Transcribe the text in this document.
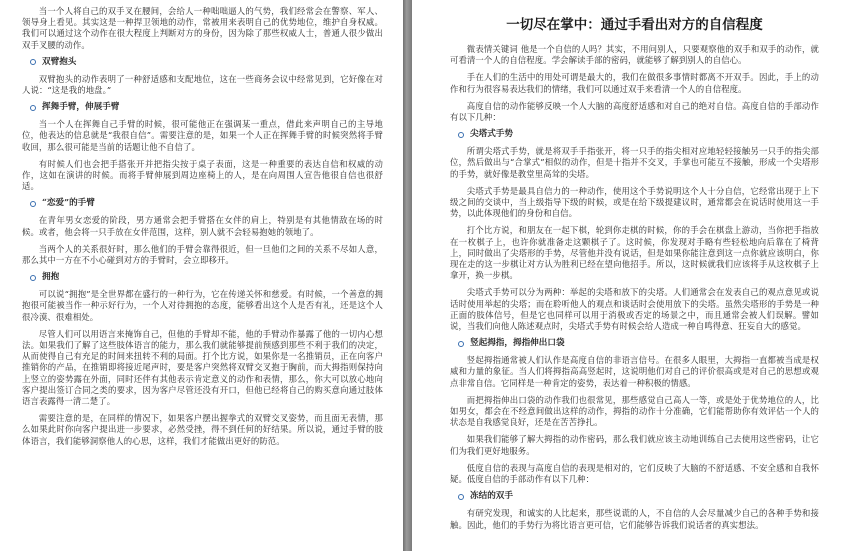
当一个人将自己的双手叉在腰间，会给人一种咄咄逼人的气势，我们经常会在警察、军人、领导身上看见。其实这是一种捍卫领地的动作，常被用来表明自己的优势地位，维护自身权威。我们可以通过这个动作在很大程度上判断对方的身份，因为除了那些权威人士，普通人很少做出双手叉腰的动作。

双臂抱头

双臂抱头的动作表明了一种舒适感和支配地位，这在一些商务会议中经常见到，它好像在对人说：“这是我的地盘。”

挥舞手臂，伸展手臂

当一个人在挥舞自己手臂的时候，很可能他正在强调某一重点，借此来声明自己的主导地位，他表达的信息就是“我很自信”。需要注意的是，如果一个人正在挥舞手臂的时候突然将手臂收回，那么很可能是当前的话题让他不自信了。

有时候人们也会把手搭张开并把指尖按于桌子表面，这是一种重要的表达自信和权威的动作，这如在演讲的时候。而将手臂伸展到周边座椅上的人，是在向周围人宣告他很自信也很舒适。

“恋爱”的手臂

在青年男女恋爱的阶段，男方通常会把手臂搭在女伴的肩上，特别是有其他情敌在场的时候。或者，他会将一只手放在女伴范围，这样，别人就不会轻易抱她的领地了。

当两个人的关系很好时，那么他们的手臂会靠得很近，但一旦他们之间的关系不尽如人意，那么其中一方在不小心碰到对方的手臂时，会立即移开。

拥抱

可以说“拥抱”是全世界都在盛行的一种行为，它在传递关怀和慈爱。有时候，一个善意的拥抱很可能被当作一种示好行为，一个人对待拥抱的态度，能够看出这个人是否有礼，还是这个人很冷漠、很难相处。

尽管人们可以用语言来掩饰自己，但他的手臂却不能，他的手臂动作暴露了他的一切内心想法。如果我们了解了这些肢体语言的能力，那么我们就能够提前预感到那些不利于我们的决定，从而使得自己有充足的时间来扭转不利的局面。打个比方说，如果你是一名推销员，正在向客户推销你的产品，在推销即将接近尾声时，要是客户突然将双臂交叉抱于胸前，而大拇指则保持向上竖立的姿势露在外面，同时还伴有其他表示肯定意义的动作和表情，那么，你大可以放心地向客户提出签订合同之类的要求，因为客户尽管还没有开口，但他已经将自己的购买意向通过肢体语言表露得一清二楚了。

需要注意的是，在同样的情况下，如果客户摆出握拳式的双臂交叉姿势，而且面无表情，那么如果此时你向客户提出进一步要求，必然受挫，得不到任何的好结果。所以说，通过手臂的肢体语言，我们能够洞察他人的心思，这样，我们才能做出更好的防范。

一切尽在掌中：通过手看出对方的自信程度

微表情关键词 他是一个自信的人吗？其实，不用问别人，只要观察他的双手和双手的动作，就可看清一个人的自信程度。学会解读手部的密码，就能够了解到别人的自信心。

手在人们的生活中的用处可谓是最大的，我们在做很多事情时都离不开双手。因此，手上的动作和行为很容易表达我们的情绪，我们可以通过双手来看清一个人的自信程度。

高度自信的动作能够反映一个人大脑的高度舒适感和对自己的绝对自信。高度自信的手部动作有以下几种：

尖塔式手势

所谓尖塔式手势，就是将双手手指张开，将一只手的指尖相对应地轻轻接触另一只手的指尖部位，然后做出与“合掌式”相似的动作，但是十指并不交叉，手掌也可能互不接触，形成一个尖塔形的手势，就好像是教堂里高耸的尖塔。

尖塔式手势是最具自信力的一种动作，使用这个手势说明这个人十分自信，它经常出现于上下级之间的交谈中，当上级指导下级的时候，或是在给下级提建议时，通常都会在说话时使用这一手势，以此体现他们的身份和自信。

打个比方说，和朋友在一起下棋，轮到你走棋的时候，你的手会在棋盘上游动，当你把手指放在一枚棋子上，也许你就准备走这颗棋子了。这时候，你发现对手略有些轻松地向后靠在了椅背上，同时做出了尖塔形的手势，尽管他并没有说话，但是如果你能注意到这一点你就应该明白，你现在走的这一步棋让对方认为胜利已经在望向他招手。所以，这时候就我们应该将手从这枚棋子上拿开，换一步棋。

尖塔式手势可以分为两种：举起的尖塔和放下的尖塔。人们通常会在发表自己的观点意见或说话时使用举起的尖塔；而在聆听他人的观点和谈话时会使用放下的尖塔。虽然尖塔形的手势是一种正面的肢体信号，但是它也同样可以用于消极或否定的场景之中，而且通常会被人们误解。譬如说，当我们向他人陈述观点时，尖塔式手势有时候会给人造成一种自鸣得意、狂妄自大的感觉。

竖起拇指，拇指伸出口袋

竖起拇指通常被人们认作是高度自信的非语言信号。在很多人眼里，大拇指一直都被当成是权威和力量的象征。当人们将拇指高高竖起时，这说明他们对自己的评价很高或是对自己的思想或观点非常自信。它同样是一种肯定的姿势，表达着一种积极的情感。

而把拇指伸出口袋的动作我们也很常见，那些感觉自己高人一等，或是处于优势地位的人，比如男女，都会在不经意间做出这样的动作，拇指的动作十分准确，它们能帮助你有效评估一个人的状态是自我感觉良好，还是在苦苦挣扎。

如果我们能够了解大拇指的动作密码，那么我们就应该主动地训练自己去使用这些密码，让它们为我们更好地服务。

低度自信的表现与高度自信的表现是相对的，它们反映了大脑的不舒适感、不安全感和自我怀疑。低度自信的手部动作有以下几种：

冻结的双手

有研究发现，和诚实的人比起来，那些说谎的人，不自信的人会尽量减少自己的各种手势和接触。因此，他们的手势行为将比语言更可信，它们能够告诉我们说话者的真实想法。
